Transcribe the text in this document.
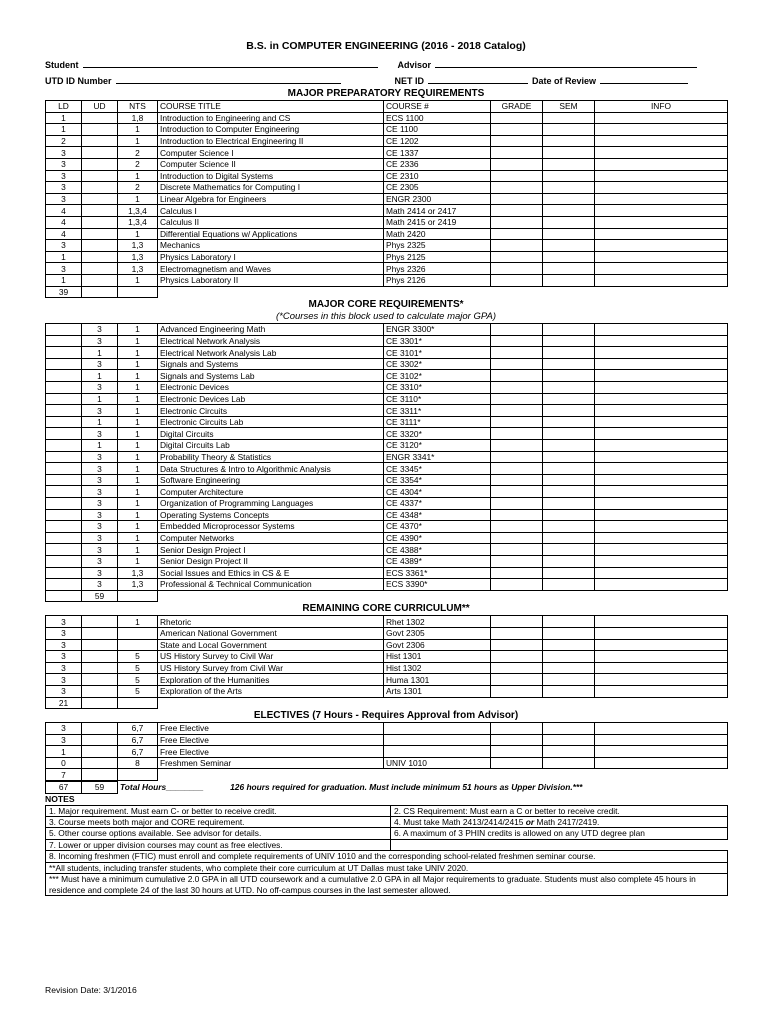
B.S. in COMPUTER ENGINEERING (2016 - 2018 Catalog)
Student	Advisor
UTD ID Number	NET ID	Date of Review
MAJOR PREPARATORY REQUIREMENTS
LD	UD	NTS	COURSE TITLE	COURSE #	GRADE	SEM	INFO
1		1,8	Introduction to Engineering and CS	ECS 1100			
1		1	Introduction to Computer Engineering	CE 1100			
2		1	Introduction to Electrical Engineering II	CE 1202			
3		2	Computer Science I	CE 1337			
3		2	Computer Science II	CE 2336			
3		1	Introduction to Digital Systems	CE 2310			
3		2	Discrete Mathematics for Computing I	CE 2305			
3		1	Linear Algebra for Engineers	ENGR 2300			
4		1,3,4	Calculus I	Math 2414 or 2417			
4		1,3,4	Calculus II	Math 2415 or 2419			
4		1	Differential Equations w/ Applications	Math 2420			
3		1,3	Mechanics	Phys 2325			
1		1,3	Physics Laboratory I	Phys 2125			
3		1,3	Electromagnetism and Waves	Phys 2326			
1		1	Physics Laboratory II	Phys 2126			
39							
MAJOR CORE REQUIREMENTS*
(*Courses in this block used to calculate major GPA)
	3	1	Advanced Engineering Math	ENGR 3300*			
	3	1	Electrical Network Analysis	CE 3301*			
	1	1	Electrical Network Analysis Lab	CE 3101*			
	3	1	Signals and Systems	CE 3302*			
	1	1	Signals and Systems Lab	CE 3102*			
	3	1	Electronic Devices	CE 3310*			
	1	1	Electronic Devices Lab	CE 3110*			
	3	1	Electronic Circuits	CE 3311*			
	1	1	Electronic Circuits Lab	CE 3111*			
	3	1	Digital Circuits	CE 3320*			
	1	1	Digital Circuits Lab	CE 3120*			
	3	1	Probability Theory & Statistics	ENGR 3341*			
	3	1	Data Structures & Intro to Algorithmic Analysis	CE 3345*			
	3	1	Software Engineering	CE 3354*			
	3	1	Computer Architecture	CE 4304*			
	3	1	Organization of Programming Languages	CE 4337*			
	3	1	Operating Systems Concepts	CE 4348*			
	3	1	Embedded Microprocessor Systems	CE 4370*			
	3	1	Computer Networks	CE 4390*			
	3	1	Senior Design Project I	CE 4388*			
	3	1	Senior Design Project II	CE 4389*			
	3	1,3	Social Issues and Ethics in CS & E	ECS 3361*			
	3	1,3	Professional & Technical Communication	ECS 3390*			
	59						
REMAINING CORE CURRICULUM**
3		1	Rhetoric	Rhet 1302			
3			American National Government	Govt 2305			
3			State and Local Government	Govt 2306			
3		5	US History Survey to Civil War	Hist 1301			
3		5	US History Survey from Civil War	Hist 1302			
3		5	Exploration of the Humanities	Huma 1301			
3		5	Exploration of the Arts	Arts 1301			
21							
ELECTIVES (7 Hours - Requires Approval from Advisor)
3		6,7	Free Elective				
3		6,7	Free Elective				
1		6,7	Free Elective				
0		8	Freshmen Seminar	UNIV 1010			
7							
67	59	Total Hours________	126 hours required for graduation. Must include minimum 51 hours as Upper Division.***
NOTES
1. Major requirement. Must earn C- or better to receive credit.	2. CS Requirement: Must earn a C or better to receive credit.
3. Course meets both major and CORE requirement.	4. Must take Math 2413/2414/2415 or Math 2417/2419.
5. Other course options available. See advisor for details.	6. A maximum of 3 PHIN credits is allowed on any UTD degree plan
7. Lower or upper division courses may count as free electives.	
8. Incoming freshmen (FTIC) must enroll and complete requirements of UNIV 1010 and the corresponding school-related freshmen seminar course.	
**All students, including transfer students, who complete their core curriculum at UT Dallas must take UNIV 2020.	
*** Must have a minimum cumulative 2.0 GPA in all UTD coursework and a cumulative 2.0 GPA in all Major requirements to graduate. Students must also complete 45 hours in residence and complete 24 of the last 30 hours at UTD. No off-campus courses in the last semester allowed.	
Revision Date: 3/1/2016
